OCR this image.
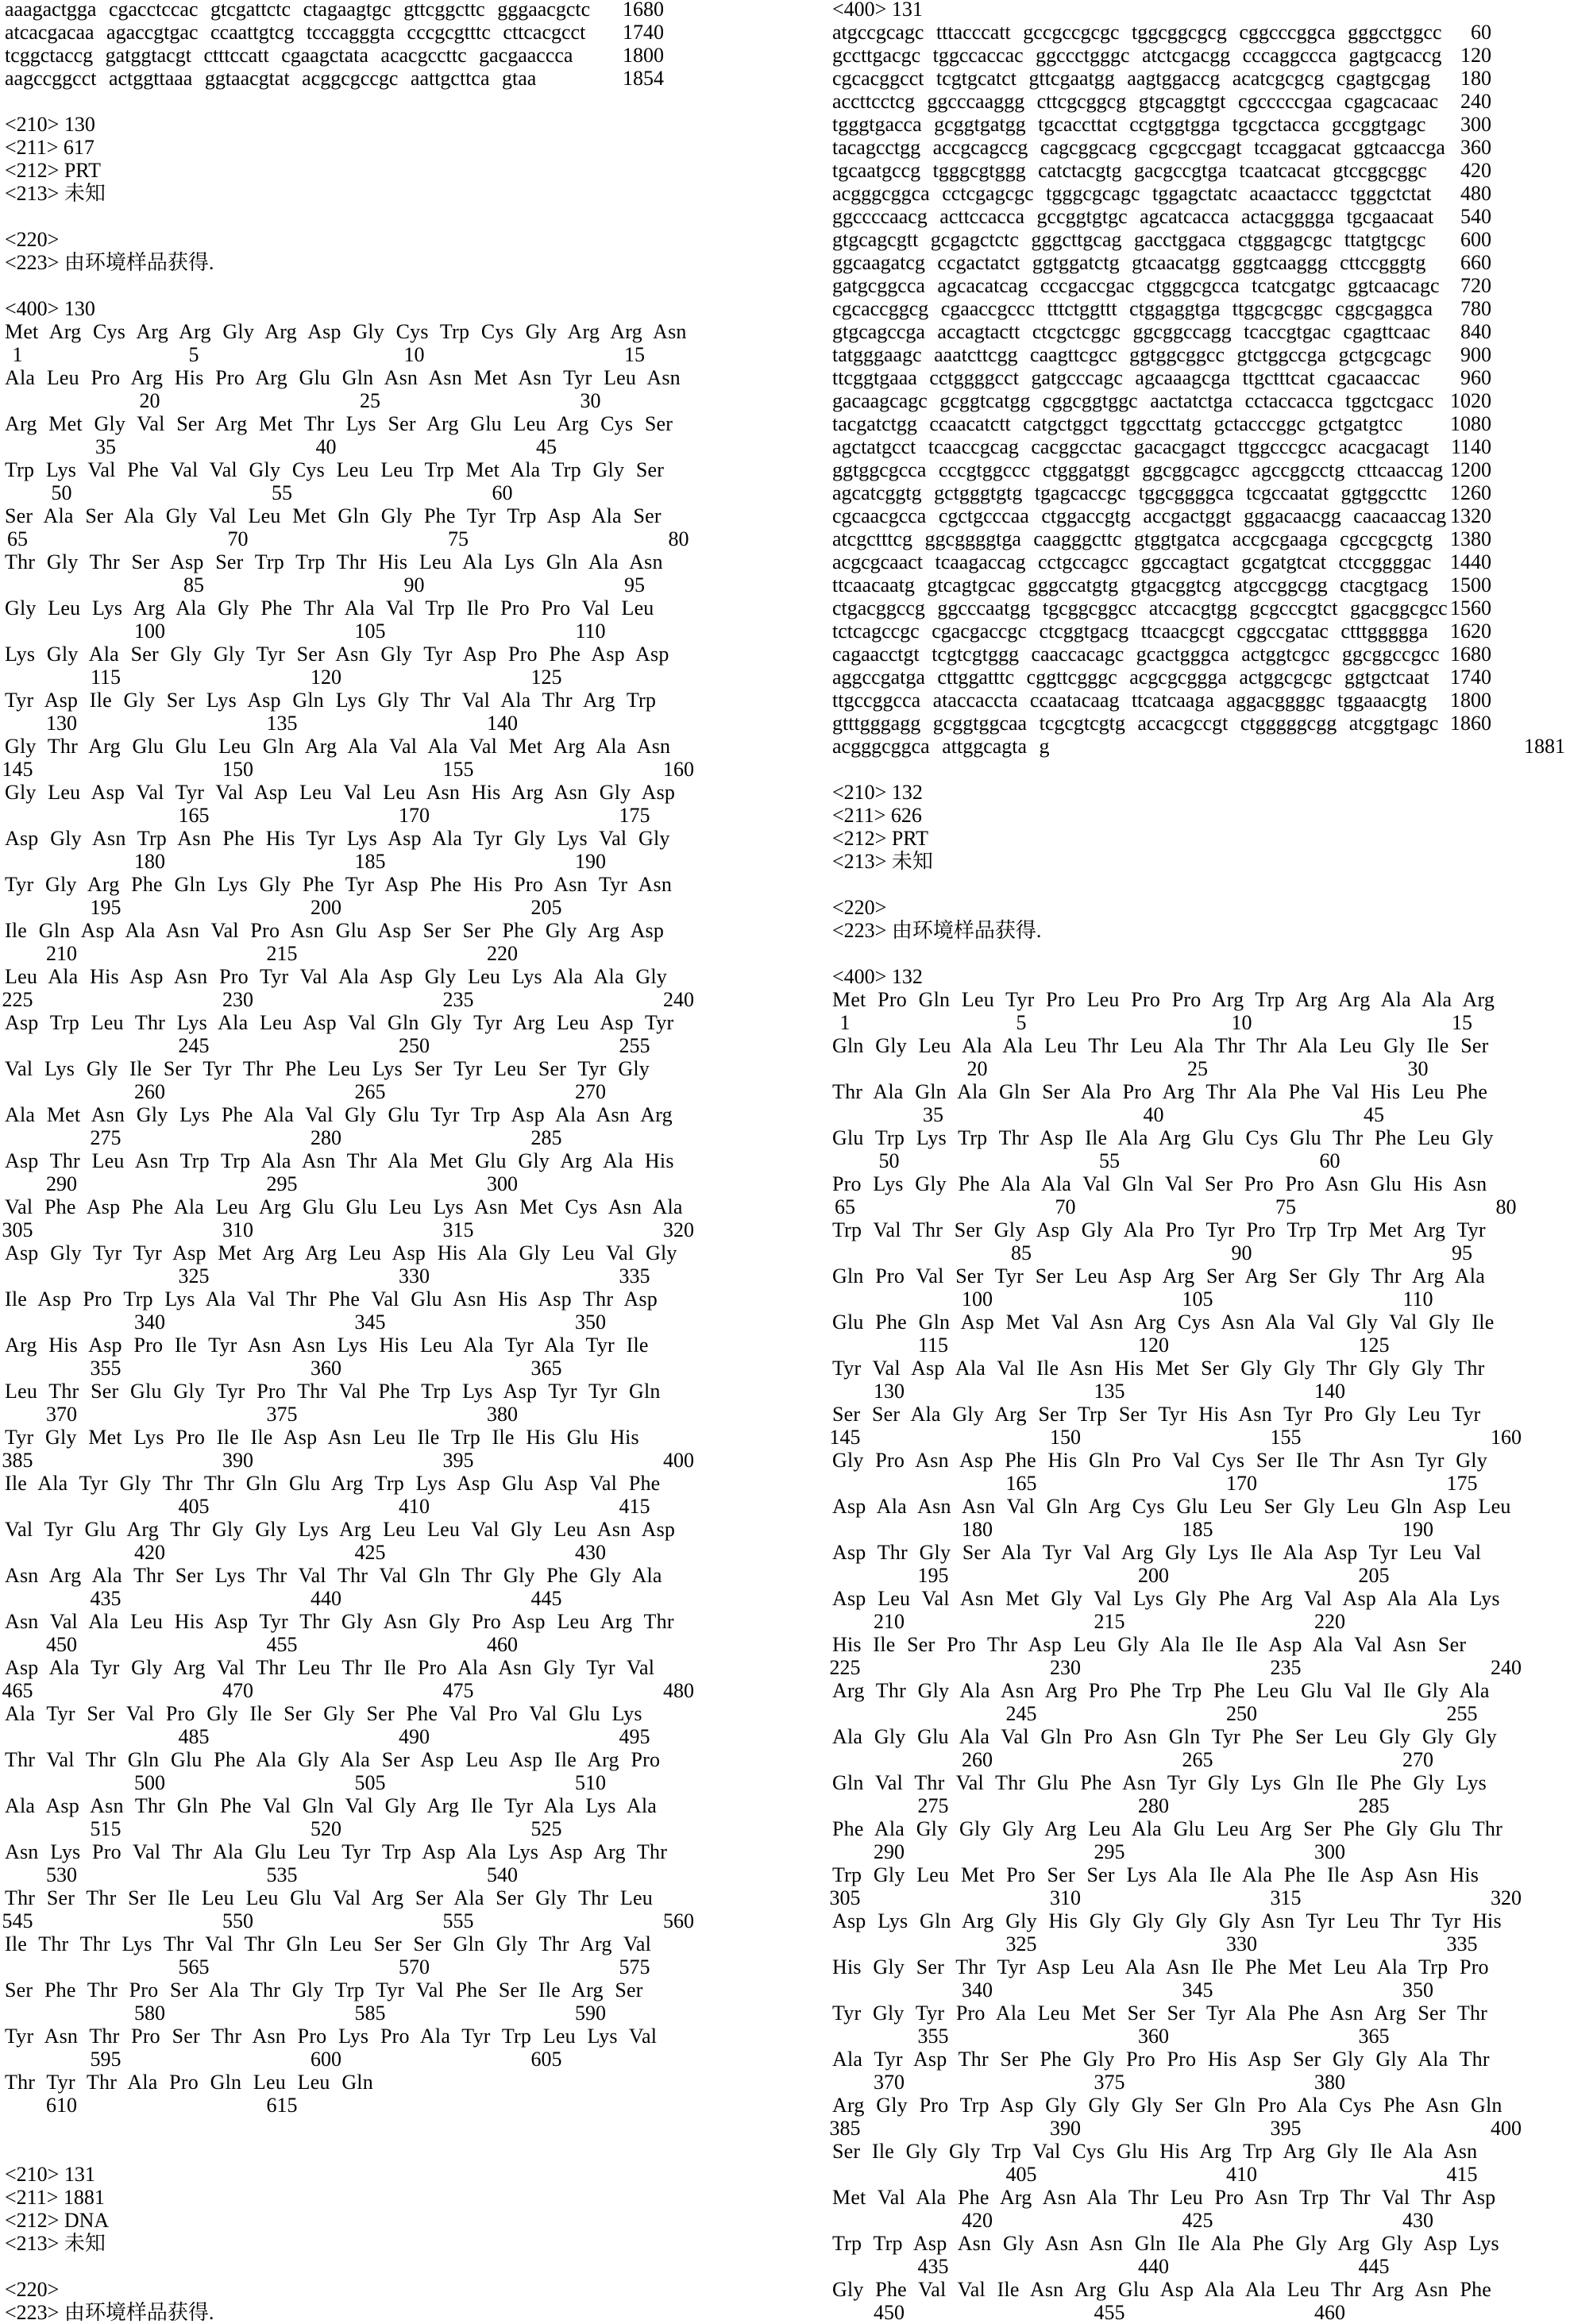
aaagactgga cgacctccac gtcgattctc ctagaagtgc gttcggcttc gggaacgctc 1680
atcacgacaa agaccgtgac ccaattgtcg tcccagggta cccgcgtttc cttcacgcct 1740
tcggctaccg gatggtacgt ctttccatt cgaagctata acacgccttc gacgaaccca 1800
aagccggcct actggttaaa ggtaacgtat acggcgccgc aattgcttca gtaa	1854
<210> 130
<211> 617
<212> PRT
<213> 未知
<220>
<223> 由环境样品获得.
<400> 130
Met Arg Cys Arg Arg Gly Arg Asp Gly Cys Trp Cys Gly Arg Arg Asn
1	5	10	15
Ala Leu Pro Arg His Pro Arg Glu Gln Asn Asn Met Asn Tyr Leu Asn
20	25	30
Arg Met Gly Val Ser Arg Met Thr Lys Ser Arg Glu Leu Arg Cys Ser
35	40	45
Trp Lys Val Phe Val Val Gly Cys Leu Leu Trp Met Ala Trp Gly Ser
50	55	60
Ser Ala Ser Ala Gly Val Leu Met Gln Gly Phe Tyr Trp Asp Ala Ser
65	70	75	80
Thr Gly Thr Ser Asp Ser Trp Trp Thr His Leu Ala Lys Gln Ala Asn
85	90	95
Gly Leu Lys Arg Ala Gly Phe Thr Ala Val Trp Ile Pro Pro Val Leu
100	105	110
Lys Gly Ala Ser Gly Gly Tyr Ser Asn Gly Tyr Asp Pro Phe Asp Asp
115	120	125
Tyr Asp Ile Gly Ser Lys Asp Gln Lys Gly Thr Val Ala Thr Arg Trp
130	135	140
Gly Thr Arg Glu Glu Leu Gln Arg Ala Val Ala Val Met Arg Ala Asn
145	150	155	160
Gly Leu Asp Val Tyr Val Asp Leu Val Leu Asn His Arg Asn Gly Asp
165	170	175
Asp Gly Asn Trp Asn Phe His Tyr Lys Asp Ala Tyr Gly Lys Val Gly
180	185	190
Tyr Gly Arg Phe Gln Lys Gly Phe Tyr Asp Phe His Pro Asn Tyr Asn
195	200	205
Ile Gln Asp Ala Asn Val Pro Asn Glu Asp Ser Ser Phe Gly Arg Asp
210	215	220
Leu Ala His Asp Asn Pro Tyr Val Ala Asp Gly Leu Lys Ala Ala Gly
225	230	235	240
Asp Trp Leu Thr Lys Ala Leu Asp Val Gln Gly Tyr Arg Leu Asp Tyr
245	250	255
Val Lys Gly Ile Ser Tyr Thr Phe Leu Lys Ser Tyr Leu Ser Tyr Gly
260	265	270
Ala Met Asn Gly Lys Phe Ala Val Gly Glu Tyr Trp Asp Ala Asn Arg
275	280	285
Asp Thr Leu Asn Trp Trp Ala Asn Thr Ala Met Glu Gly Arg Ala His
290	295	300
Val Phe Asp Phe Ala Leu Arg Glu Glu Leu Lys Asn Met Cys Asn Ala
305	310	315	320
Asp Gly Tyr Tyr Asp Met Arg Arg Leu Asp His Ala Gly Leu Val Gly
325	330	335
Ile Asp Pro Trp Lys Ala Val Thr Phe Val Glu Asn His Asp Thr Asp
340	345	350
Arg His Asp Pro Ile Tyr Asn Asn Lys His Leu Ala Tyr Ala Tyr Ile
355	360	365
Leu Thr Ser Glu Gly Tyr Pro Thr Val Phe Trp Lys Asp Tyr Tyr Gln
370	375	380
Tyr Gly Met Lys Pro Ile Ile Asp Asn Leu Ile Trp Ile His Glu His
385	390	395	400
Ile Ala Tyr Gly Thr Thr Gln Glu Arg Trp Lys Asp Glu Asp Val Phe
405	410	415
Val Tyr Glu Arg Thr Gly Gly Lys Arg Leu Leu Val Gly Leu Asn Asp
420	425	430
Asn Arg Ala Thr Ser Lys Thr Val Thr Val Gln Thr Gly Phe Gly Ala
435	440	445
Asn Val Ala Leu His Asp Tyr Thr Gly Asn Gly Pro Asp Leu Arg Thr
450	455	460
Asp Ala Tyr Gly Arg Val Thr Leu Thr Ile Pro Ala Asn Gly Tyr Val
465	470	475	480
Ala Tyr Ser Val Pro Gly Ile Ser Gly Ser Phe Val Pro Val Glu Lys
485	490	495
Thr Val Thr Gln Glu Phe Ala Gly Ala Ser Asp Leu Asp Ile Arg Pro
500	505	510
Ala Asp Asn Thr Gln Phe Val Gln Val Gly Arg Ile Tyr Ala Lys Ala
515	520	525
Asn Lys Pro Val Thr Ala Glu Leu Tyr Trp Asp Ala Lys Asp Arg Thr
530	535	540
Thr Ser Thr Ser Ile Leu Leu Glu Val Arg Ser Ala Ser Gly Thr Leu
545	550	555	560
Ile Thr Thr Lys Thr Val Thr Gln Leu Ser Ser Gln Gly Thr Arg Val
565	570	575
Ser Phe Thr Pro Ser Ala Thr Gly Trp Tyr Val Phe Ser Ile Arg Ser
580	585	590
Tyr Asn Thr Pro Ser Thr Asn Pro Lys Pro Ala Tyr Trp Leu Lys Val
595	600	605
Thr Tyr Thr Ala Pro Gln Leu Leu Gln
610	615
<210> 131
<211> 1881
<212> DNA
<213> 未知
<220>
<223> 由环境样品获得.
<400> 131
atgccgcagc tttacccatt gccgccgcgc tggcggcgcg cggcccggca gggcctggcc 60
gccttgacgc tggccaccac ggccctgggc atctcgacgg cccaggccca gagtgcaccg 120
cgcacggcct tcgtgcatct gttcgaatgg aagtggaccg acatcgcgcg cgagtgcgag 180
accttcctcg ggcccaaggg cttcgcggcg gtgcaggtgt cgcccccgaa cgagcacaac 240
tgggtgacca gcggtgatgg tgcaccttat ccgtggtgga tgcgctacca gccggtgagc 300
tacagcctgg accgcagccg cagcggcacg cgcgccgagt tccaggacat ggtcaaccga 360
tgcaatgccg tgggcgtggg catctacgtg gacgccgtga tcaatcacat gtccggcggc 420
acgggcggca cctcgagcgc tgggcgcagc tggagctatc acaactaccc tgggctctat 480
ggccccaacg acttccacca gccggtgtgc agcatcacca actacgggga tgcgaacaat 540
gtgcagcgtt gcgagctctc gggcttgcag gacctggaca ctgggagcgc ttatgtgcgc 600
ggcaagatcg ccgactatct ggtggatctg gtcaacatgg gggtcaaggg cttccgggtg 660
gatgcggcca agcacatcag cccgaccgac ctgggcgcca tcatcgatgc ggtcaacagc 720
cgcaccggcg cgaaccgccc tttctggttt ctggaggtga ttggcgcggc cggcgaggca 780
gtgcagccga accagtactt ctcgctcggc ggcggccagg tcaccgtgac cgagttcaac 840
tatgggaagc aaatcttcgg caagttcgcc ggtggcggcc gtctggccga gctgcgcagc 900
ttcggtgaaa cctggggcct gatgcccagc agcaaagcga ttgctttcat cgacaaccac 960
gacaagcagc gcggtcatgg cggcggtggc aactatctga cctaccacca tggctcgacc 1020
tacgatctgg ccaacatctt catgctggct tggccttatg gctacccggc gctgatgtcc 1080
agctatgcct tcaaccgcag cacggcctac gacacgagct ttggcccgcc acacgacagt 1140
ggtggcgcca cccgtggccc ctgggatggt ggcggcagcc agccggcctg cttcaaccag 1200
agcatcggtg gctgggtgtg tgagcaccgc tggcggggca tcgccaatat ggtggccttc 1260
cgcaacgcca cgctgcccaa ctggaccgtg accgactggt gggacaacgg caacaaccag 1320
atcgctttcg ggcggggtga caagggcttc gtggtgatca accgcgaaga cgccgcgctg 1380
acgcgcaact tcaagaccag cctgccagcc ggccagtact gcgatgtcat ctccggggac 1440
ttcaacaatg gtcagtgcac gggccatgtg gtgacggtcg atgccggcgg ctacgtgacg 1500
ctgacggccg ggcccaatgg tgcggcggcc atccacgtgg gcgcccgtct ggacggcgcc 1560
tctcagccgc cgacgaccgc ctcggtgacg ttcaacgcgt cggccgatac ctttggggga 1620
cagaacctgt tcgtcgtggg caaccacagc gcactgggca actggtcgcc ggcggccgcc 1680
aggccgatga cttggatttc cggttcgggc acgcgcggga actggcgcgc ggtgctcaat 1740
ttgccggcca ataccaccta ccaatacaag ttcatcaaga aggacggggc tggaaacgtg 1800
gtttgggagg gcggtggcaa tcgcgtcgtg accacgccgt ctgggggcgg atcggtgagc 1860
acgggcggca attggcagta g	1881
<210> 132
<211> 626
<212> PRT
<213> 未知
<220>
<223> 由环境样品获得.
<400> 132
Met Pro Gln Leu Tyr Pro Leu Pro Pro Arg Trp Arg Arg Ala Ala Arg
1	5	10	15
Gln Gly Leu Ala Ala Leu Thr Leu Ala Thr Thr Ala Leu Gly Ile Ser
20	25	30
Thr Ala Gln Ala Gln Ser Ala Pro Arg Thr Ala Phe Val His Leu Phe
35	40	45
Glu Trp Lys Trp Thr Asp Ile Ala Arg Glu Cys Glu Thr Phe Leu Gly
50	55	60
Pro Lys Gly Phe Ala Ala Val Gln Val Ser Pro Pro Asn Glu His Asn
65	70	75	80
Trp Val Thr Ser Gly Asp Gly Ala Pro Tyr Pro Trp Trp Met Arg Tyr
85	90	95
Gln Pro Val Ser Tyr Ser Leu Asp Arg Ser Arg Ser Gly Thr Arg Ala
100	105	110
Glu Phe Gln Asp Met Val Asn Arg Cys Asn Ala Val Gly Val Gly Ile
115	120	125
Tyr Val Asp Ala Val Ile Asn His Met Ser Gly Gly Thr Gly Gly Thr
130	135	140
Ser Ser Ala Gly Arg Ser Trp Ser Tyr His Asn Tyr Pro Gly Leu Tyr
145	150	155	160
Gly Pro Asn Asp Phe His Gln Pro Val Cys Ser Ile Thr Asn Tyr Gly
165	170	175
Asp Ala Asn Asn Val Gln Arg Cys Glu Leu Ser Gly Leu Gln Asp Leu
180	185	190
Asp Thr Gly Ser Ala Tyr Val Arg Gly Lys Ile Ala Asp Tyr Leu Val
195	200	205
Asp Leu Val Asn Met Gly Val Lys Gly Phe Arg Val Asp Ala Ala Lys
210	215	220
His Ile Ser Pro Thr Asp Leu Gly Ala Ile Ile Asp Ala Val Asn Ser
225	230	235	240
Arg Thr Gly Ala Asn Arg Pro Phe Trp Phe Leu Glu Val Ile Gly Ala
245	250	255
Ala Gly Glu Ala Val Gln Pro Asn Gln Tyr Phe Ser Leu Gly Gly Gly
260	265	270
Gln Val Thr Val Thr Glu Phe Asn Tyr Gly Lys Gln Ile Phe Gly Lys
275	280	285
Phe Ala Gly Gly Gly Arg Leu Ala Glu Leu Arg Ser Phe Gly Glu Thr
290	295	300
Trp Gly Leu Met Pro Ser Ser Lys Ala Ile Ala Phe Ile Asp Asn His
305	310	315	320
Asp Lys Gln Arg Gly His Gly Gly Gly Gly Asn Tyr Leu Thr Tyr His
325	330	335
His Gly Ser Thr Tyr Asp Leu Ala Asn Ile Phe Met Leu Ala Trp Pro
340	345	350
Tyr Gly Tyr Pro Ala Leu Met Ser Ser Tyr Ala Phe Asn Arg Ser Thr
355	360	365
Ala Tyr Asp Thr Ser Phe Gly Pro Pro His Asp Ser Gly Gly Ala Thr
370	375	380
Arg Gly Pro Trp Asp Gly Gly Gly Ser Gln Pro Ala Cys Phe Asn Gln
385	390	395	400
Ser Ile Gly Gly Trp Val Cys Glu His Arg Trp Arg Gly Ile Ala Asn
405	410	415
Met Val Ala Phe Arg Asn Ala Thr Leu Pro Asn Trp Thr Val Thr Asp
420	425	430
Trp Trp Asp Asn Gly Asn Asn Gln Ile Ala Phe Gly Arg Gly Asp Lys
435	440	445
Gly Phe Val Val Ile Asn Arg Glu Asp Ala Ala Leu Thr Arg Asn Phe
450	455	460
